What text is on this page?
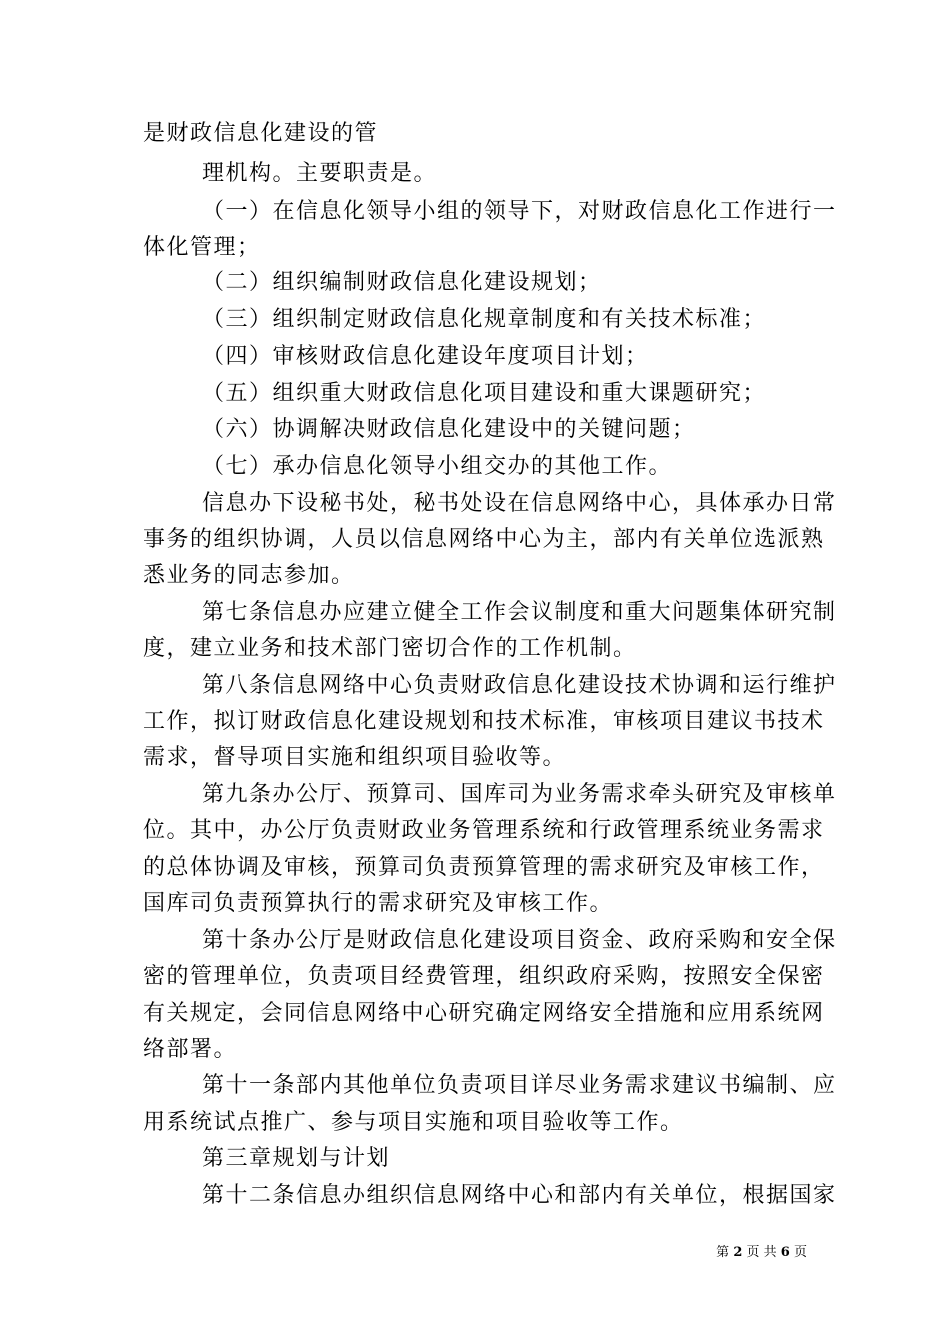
是财政信息化建设的管
理机构。主要职责是。
（一）在信息化领导小组的领导下，对财政信息化工作进行一
体化管理；
（二）组织编制财政信息化建设规划；
（三）组织制定财政信息化规章制度和有关技术标准；
（四）审核财政信息化建设年度项目计划；
（五）组织重大财政信息化项目建设和重大课题研究；
（六）协调解决财政信息化建设中的关键问题；
（七）承办信息化领导小组交办的其他工作。
信息办下设秘书处，秘书处设在信息网络中心，具体承办日常
事务的组织协调，人员以信息网络中心为主，部内有关单位选派熟
悉业务的同志参加。
第七条信息办应建立健全工作会议制度和重大问题集体研究制
度，建立业务和技术部门密切合作的工作机制。
第八条信息网络中心负责财政信息化建设技术协调和运行维护
工作，拟订财政信息化建设规划和技术标准，审核项目建议书技术
需求，督导项目实施和组织项目验收等。
第九条办公厅、预算司、国库司为业务需求牵头研究及审核单
位。其中，办公厅负责财政业务管理系统和行政管理系统业务需求
的总体协调及审核，预算司负责预算管理的需求研究及审核工作，
国库司负责预算执行的需求研究及审核工作。
第十条办公厅是财政信息化建设项目资金、政府采购和安全保
密的管理单位，负责项目经费管理，组织政府采购，按照安全保密
有关规定，会同信息网络中心研究确定网络安全措施和应用系统网
络部署。
第十一条部内其他单位负责项目详尽业务需求建议书编制、应
用系统试点推广、参与项目实施和项目验收等工作。
第三章规划与计划
第十二条信息办组织信息网络中心和部内有关单位，根据国家
第 2 页 共 6 页
